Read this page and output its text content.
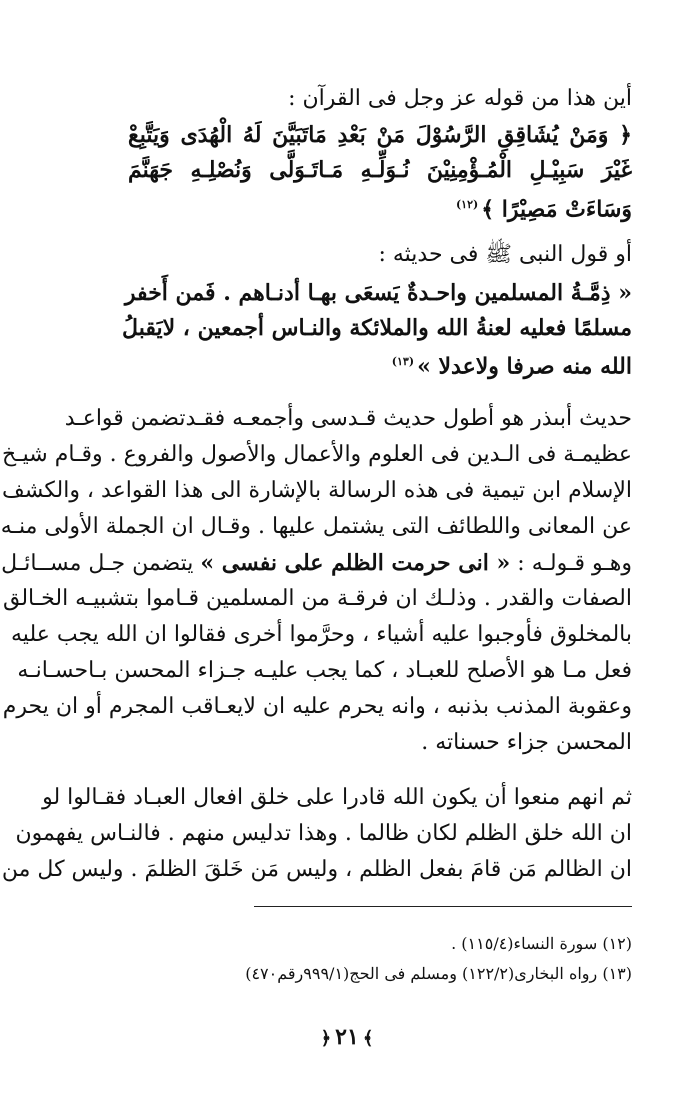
أين هذا من قوله عز وجل فى القرآن :
﴿ وَمَنْ يُشَاقِقِ الرَّسُوْلَ مَنْ بَعْدِ مَاتَبَيَّنَ لَهُ الْهُدَى وَيَتَّبِعْ
غَيْرَ سَبِيْـلِ الْمُـؤْمِنِيْنَ نُـوَلِّـهِ مَـاتَـوَلَّى وَنُصْلِـهِ جَهَنَّمَ
وَسَاءَتْ مَصِيْرًا ﴾$^{(١٢)}$
أو قول النبى ﷺ فى حديثه :
« ذِمَّـةُ المسلمين واحـدةٌ يَسعَى بهـا أدنـاهم . فَمن أَخفر
مسلمًا فعليه لعنةُ الله والملائكة والنـاس أجمعين ، لايَقبلُ
الله منه صرفا ولاعدلا »$^{(١٣)}$
حديث أبىذر هو أطول حديث قـدسى وأجمعـه فقـدتضمن قواعـد
عظيمـة فى الـدين فى العلوم والأعمال والأصول والفروع . وقـام شيـخ
الإسلام ابن تيمية فى هذه الرسالة بالإشارة الى هذا القواعد ، والكشف
عن المعانى واللطائف التى يشتمل عليها . وقـال ان الجملة الأولى منـه
وهـو قـولـه : « انى حرمت الظلم على نفسى » يتضمن جـل مســائـل
الصفات والقدر . وذلـك ان فرقـة من المسلمين قـاموا بتشبيـه الخـالق
بالمخلوق فأوجبوا عليه أشياء ، وحرَّموا أخرى فقالوا ان الله يجب عليه
فعل مـا هو الأصلح للعبـاد ، كما يجب عليـه جـزاء المحسن بـاحسـانـه
وعقوبة المذنب بذنبه ، وانه يحرم عليه ان لايعـاقب المجرم أو ان يحرم
المحسن جزاء حسناته .
ثم انهم منعوا أن يكون الله قادرا على خلق افعال العبـاد فقـالوا لو
ان الله خلق الظلم لكان ظالما . وهذا تدليس منهم . فالنـاس يفهمون
ان الظالم مَن قامَ بفعل الظلم ، وليس مَن خَلقَ الظلمَ . وليس كل من
(١٢) سورة النساء(١١٥/٤) .
(١٣) رواه البخارى(١٢٢/٢) ومسلم فى الحج(٩٩٩/١رقم٤٧٠)
﴾٢١﴿
